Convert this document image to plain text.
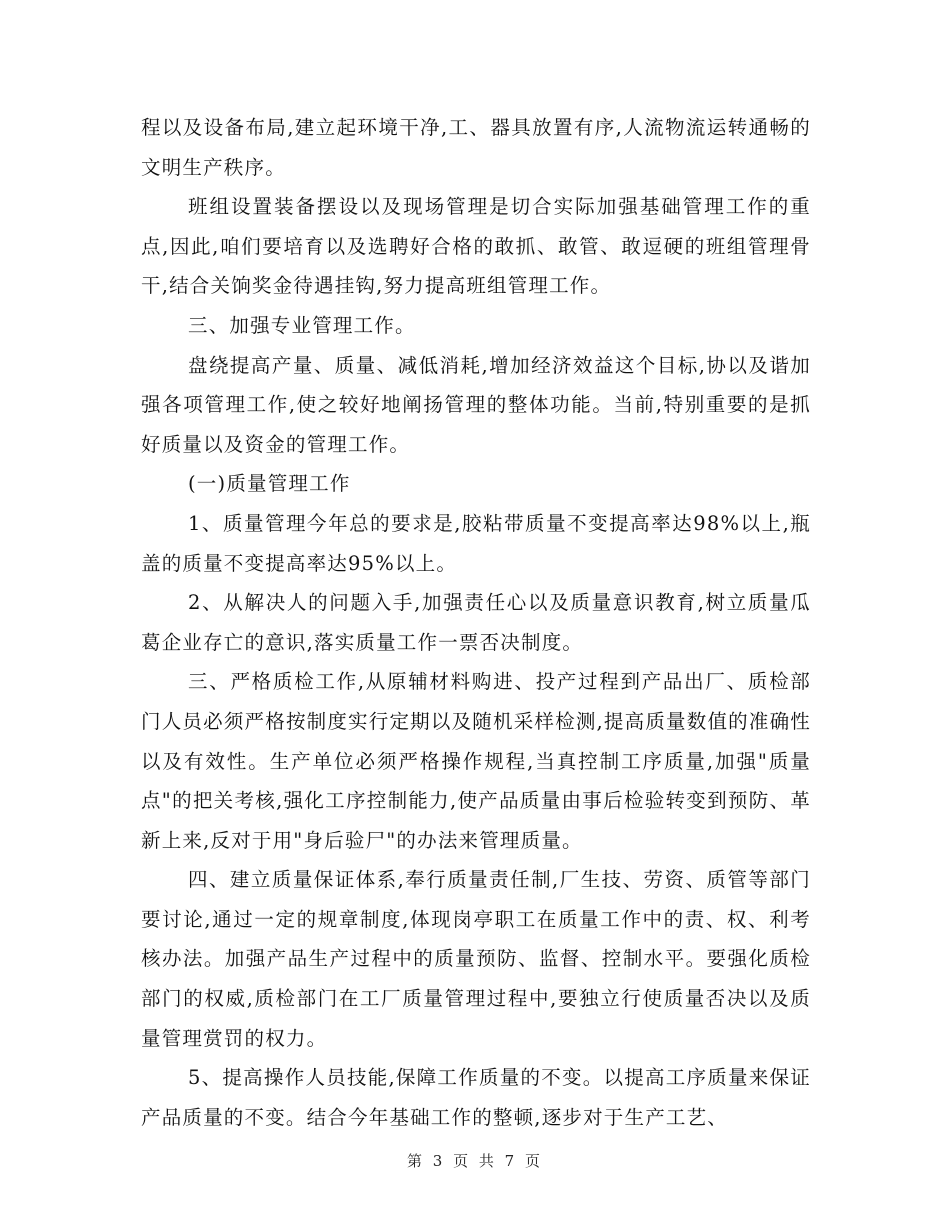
程以及设备布局,建立起环境干净,工、器具放置有序,人流物流运转通畅的文明生产秩序。

班组设置装备摆设以及现场管理是切合实际加强基础管理工作的重点,因此,咱们要培育以及选聘好合格的敢抓、敢管、敢逗硬的班组管理骨干,结合关饷奖金待遇挂钩,努力提高班组管理工作。

三、加强专业管理工作。

盘绕提高产量、质量、减低消耗,增加经济效益这个目标,协以及谐加强各项管理工作,使之较好地阐扬管理的整体功能。当前,特别重要的是抓好质量以及资金的管理工作。

(一)质量管理工作

1、质量管理今年总的要求是,胶粘带质量不变提高率达98%以上,瓶盖的质量不变提高率达95%以上。

2、从解决人的问题入手,加强责任心以及质量意识教育,树立质量瓜葛企业存亡的意识,落实质量工作一票否决制度。

三、严格质检工作,从原辅材料购进、投产过程到产品出厂、质检部门人员必须严格按制度实行定期以及随机采样检测,提高质量数值的准确性以及有效性。生产单位必须严格操作规程,当真控制工序质量,加强"质量点"的把关考核,强化工序控制能力,使产品质量由事后检验转变到预防、革新上来,反对于用"身后验尸"的办法来管理质量。

四、建立质量保证体系,奉行质量责任制,厂生技、劳资、质管等部门要讨论,通过一定的规章制度,体现岗亭职工在质量工作中的责、权、利考核办法。加强产品生产过程中的质量预防、监督、控制水平。要强化质检部门的权威,质检部门在工厂质量管理过程中,要独立行使质量否决以及质量管理赏罚的权力。

5、提高操作人员技能,保障工作质量的不变。以提高工序质量来保证产品质量的不变。结合今年基础工作的整顿,逐步对于生产工艺、

第 3 页 共 7 页
